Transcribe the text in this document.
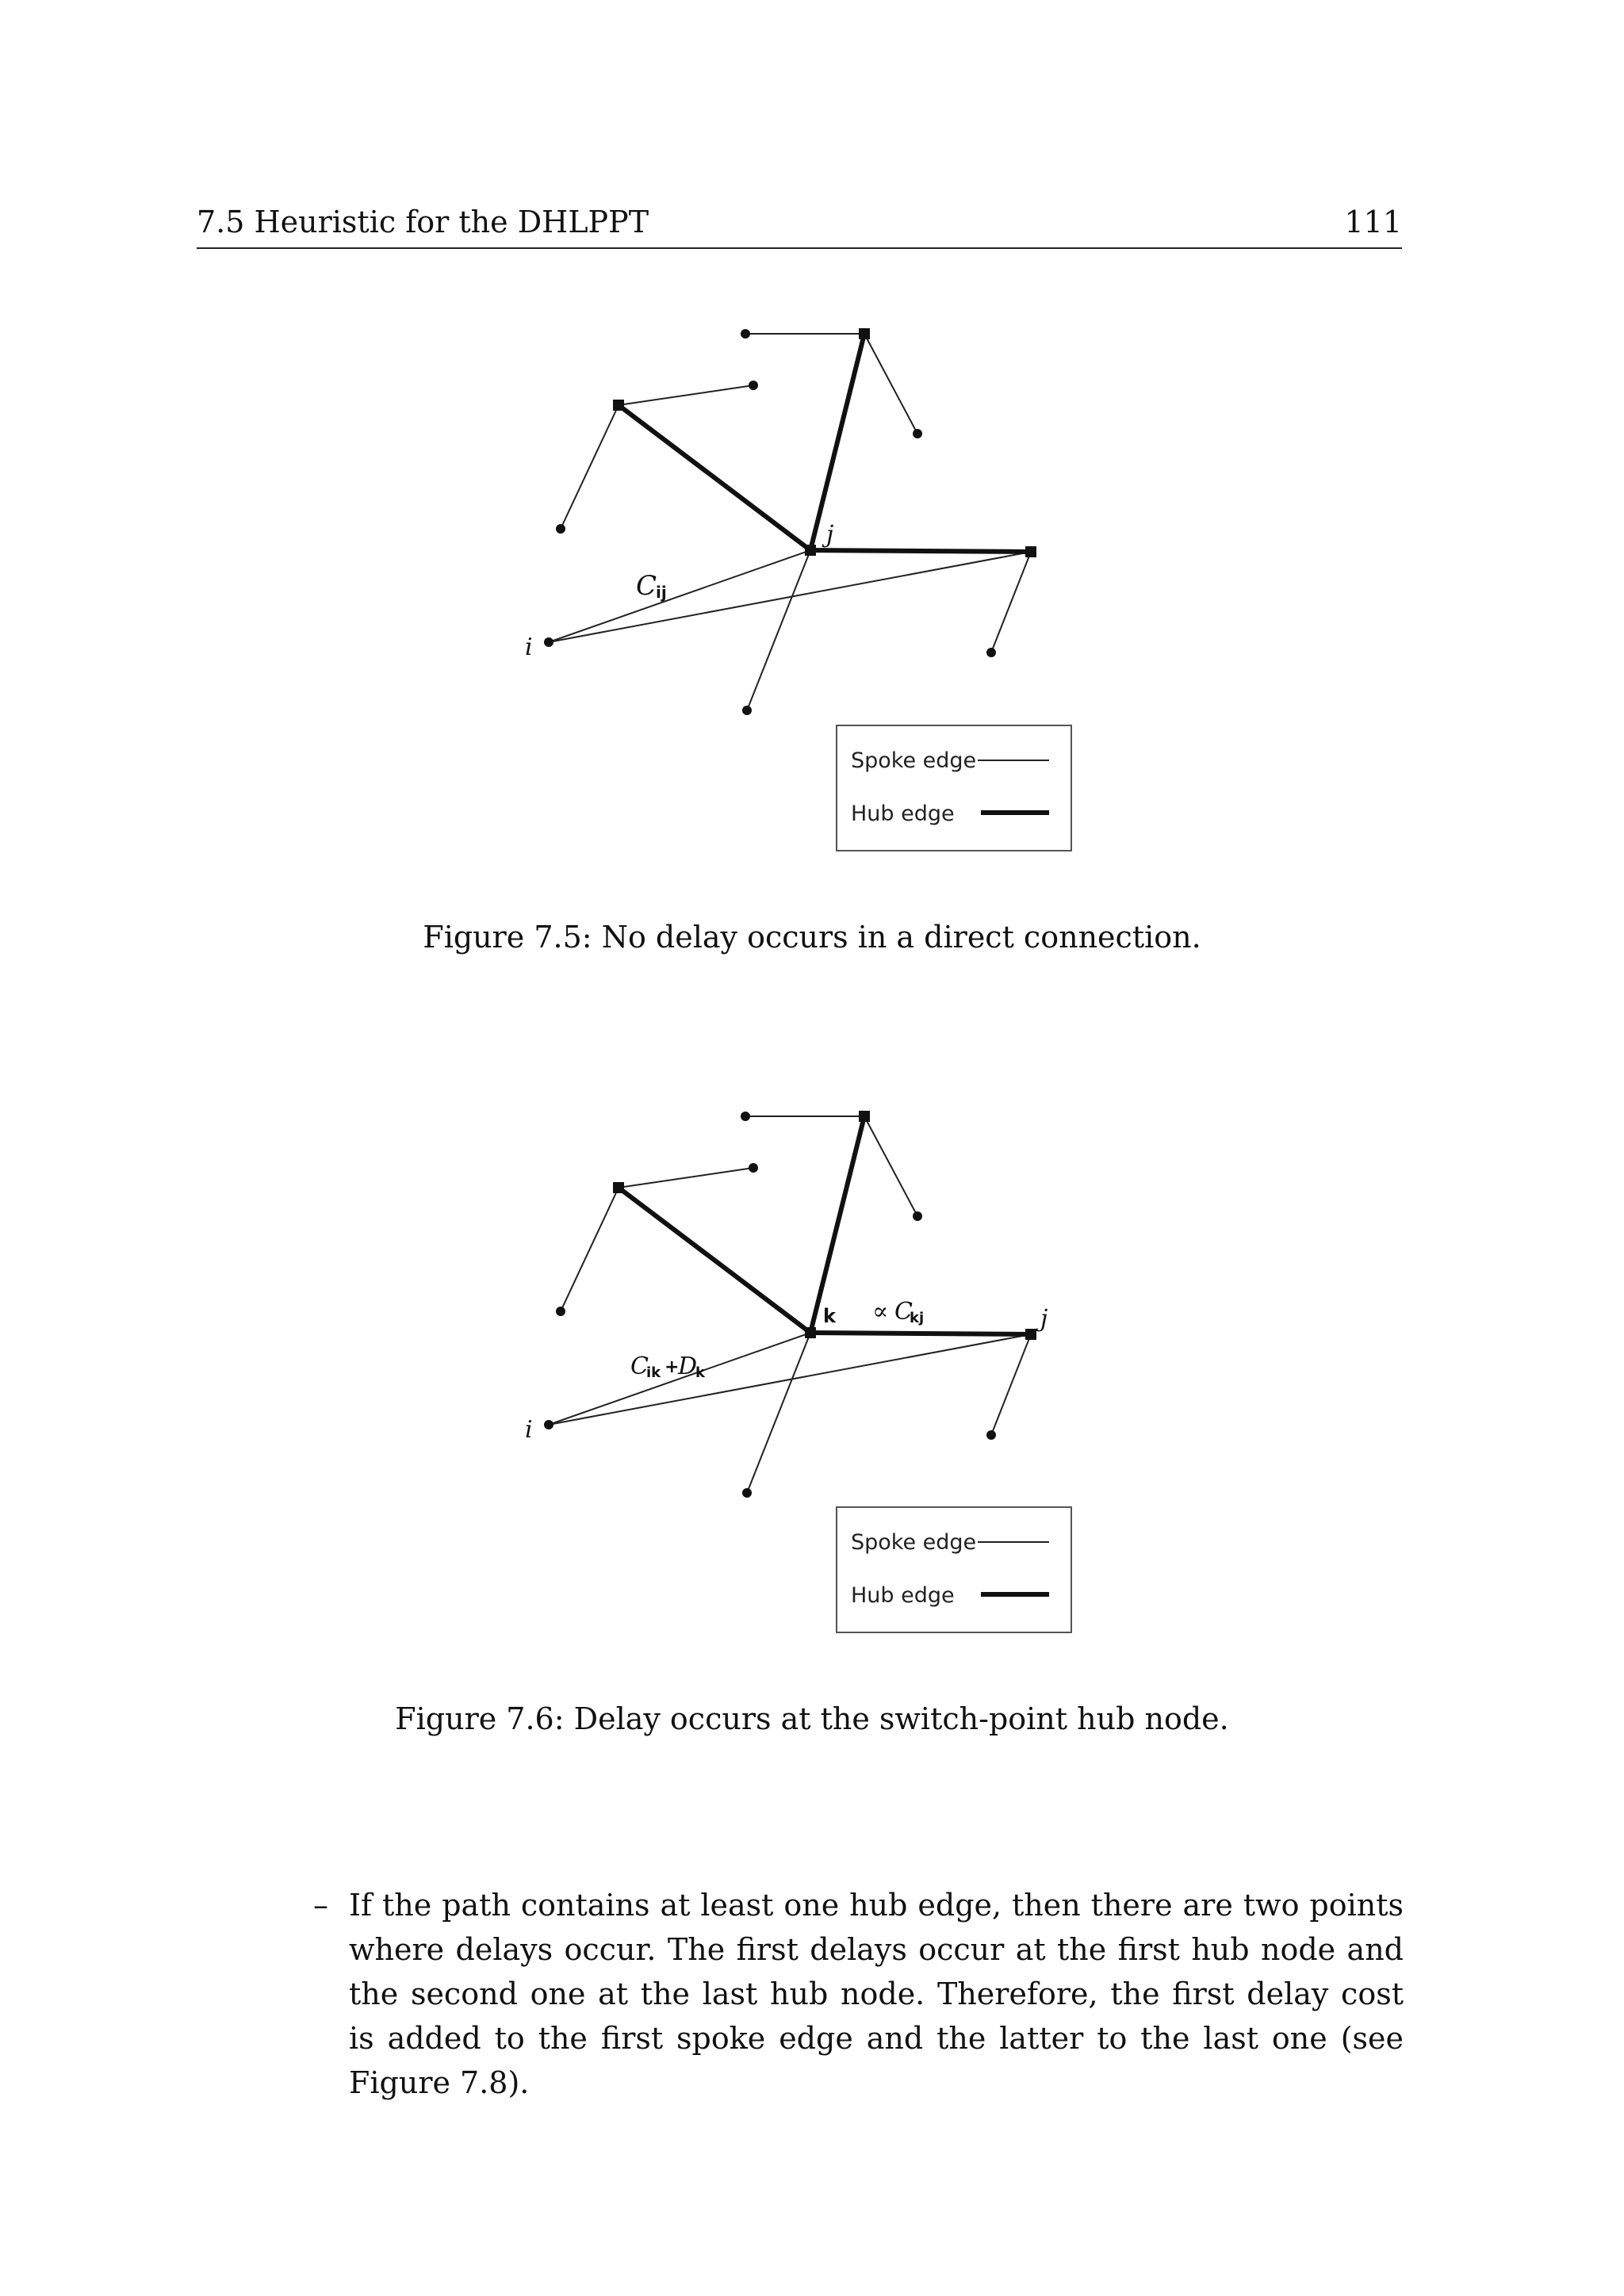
7.5 Heuristic for the DHLPPT	111
i
j
C
ij
Spoke edge
Hub edge
Figure 7.5: No delay occurs in a direct connection.
i
j
k
C
ik +
D
k
∝ C
kj
Spoke edge
Hub edge
Figure 7.6: Delay occurs at the switch-point hub node.
– If the path contains at least one hub edge, then there are two points where delays occur. The first delays occur at the first hub node and the second one at the last hub node. Therefore, the first delay cost is added to the first spoke edge and the latter to the last one (see Figure 7.8).
